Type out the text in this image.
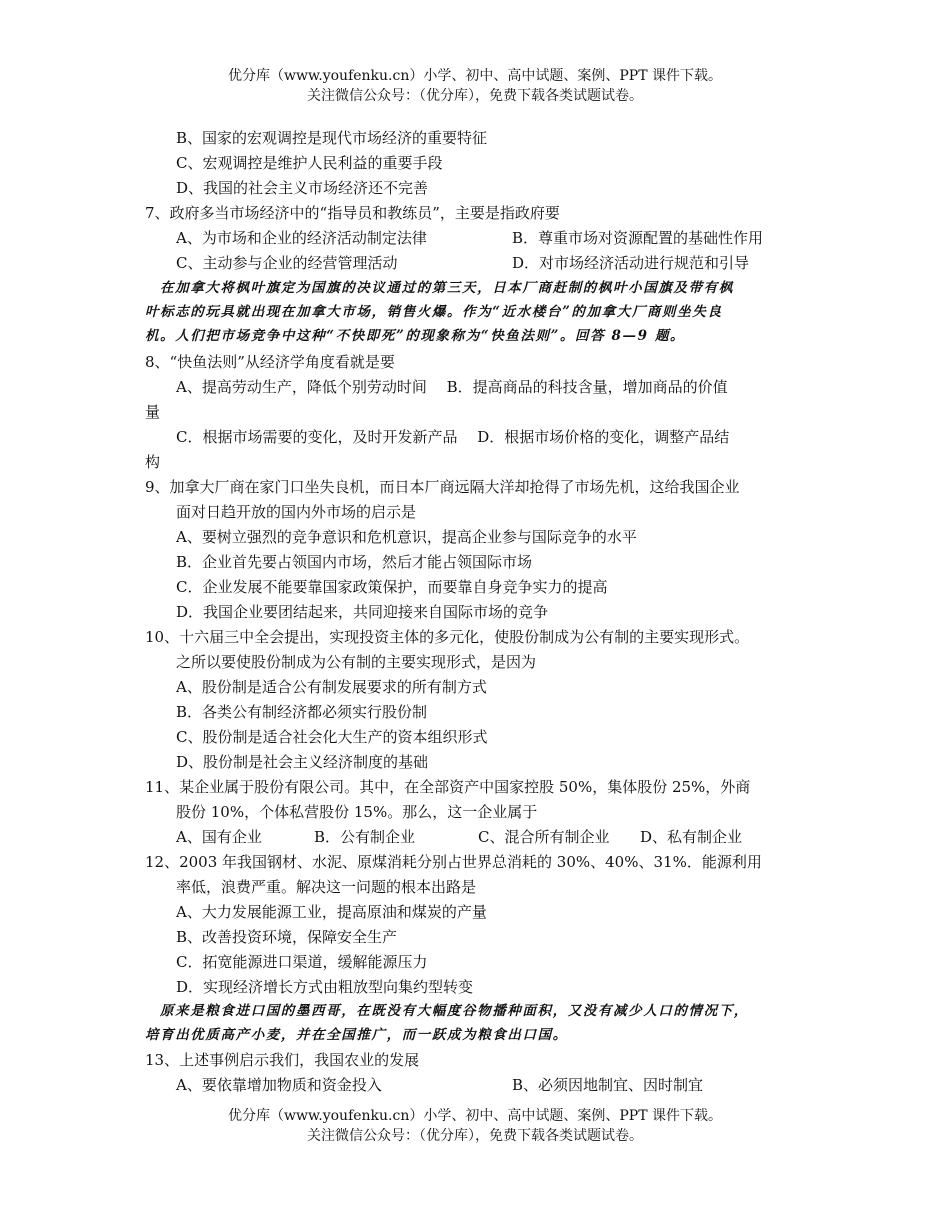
优分库（www.youfenku.cn）小学、初中、高中试题、案例、PPT 课件下载。
关注微信公众号：（优分库），免费下载各类试题试卷。
B、国家的宏观调控是现代市场经济的重要特征
C、宏观调控是维护人民利益的重要手段
D、我国的社会主义市场经济还不完善
7、政府多当市场经济中的“指导员和教练员”，主要是指政府要
A、为市场和企业的经济活动制定法律	B．尊重市场对资源配置的基础性作用
C、主动参与企业的经营管理活动	D．对市场经济活动进行规范和引导
在加拿大将枫叶旗定为国旗的决议通过的第三天，日本厂商赶制的枫叶小国旗及带有枫
叶标志的玩具就出现在加拿大市场，销售火爆。作为“近水楼台”的加拿大厂商则坐失良
机。人们把市场竞争中这种“不快即死”的现象称为“快鱼法则”。回答 8—9 题。
8、“快鱼法则”从经济学角度看就是要
A、提高劳动生产，降低个别劳动时间　 B．提高商品的科技含量，增加商品的价值
量
C．根据市场需要的变化，及时开发新产品　 D．根据市场价格的变化，调整产品结
构
9、加拿大厂商在家门口坐失良机，而日本厂商远隔大洋却抢得了市场先机，这给我国企业
面对日趋开放的国内外市场的启示是
A、要树立强烈的竞争意识和危机意识，提高企业参与国际竞争的水平
B．企业首先要占领国内市场，然后才能占领国际市场
C．企业发展不能要靠国家政策保护，而要靠自身竞争实力的提高
D．我国企业要团结起来，共同迎接来自国际市场的竞争
10、十六届三中全会提出，实现投资主体的多元化，使股份制成为公有制的主要实现形式。
之所以要使股份制成为公有制的主要实现形式，是因为
A、股份制是适合公有制发展要求的所有制方式
B．各类公有制经济都必须实行股份制
C、股份制是适合社会化大生产的资本组织形式
D、股份制是社会主义经济制度的基础
11、某企业属于股份有限公司。其中，在全部资产中国家控股 50%，集体股份 25%，外商
股份 10%，个体私营股份 15%。那么，这一企业属于
A、国有企业	B．公有制企业	C、混合所有制企业 D、私有制企业
12、2003 年我国钢材、水泥、原煤消耗分别占世界总消耗的 30%、40%、31%．能源利用
率低，浪费严重。解决这一问题的根本出路是
A、大力发展能源工业，提高原油和煤炭的产量
B、改善投资环境，保障安全生产
C．拓宽能源进口渠道，缓解能源压力
D．实现经济增长方式由粗放型向集约型转变
原来是粮食进口国的墨西哥，在既没有大幅度谷物播种面积，又没有减少人口的情况下，
培育出优质高产小麦，并在全国推广，而一跃成为粮食出口国。
13、上述事例启示我们，我国农业的发展
A、要依靠增加物质和资金投入	B、必须因地制宜、因时制宜
优分库（www.youfenku.cn）小学、初中、高中试题、案例、PPT 课件下载。
关注微信公众号：（优分库），免费下载各类试题试卷。
